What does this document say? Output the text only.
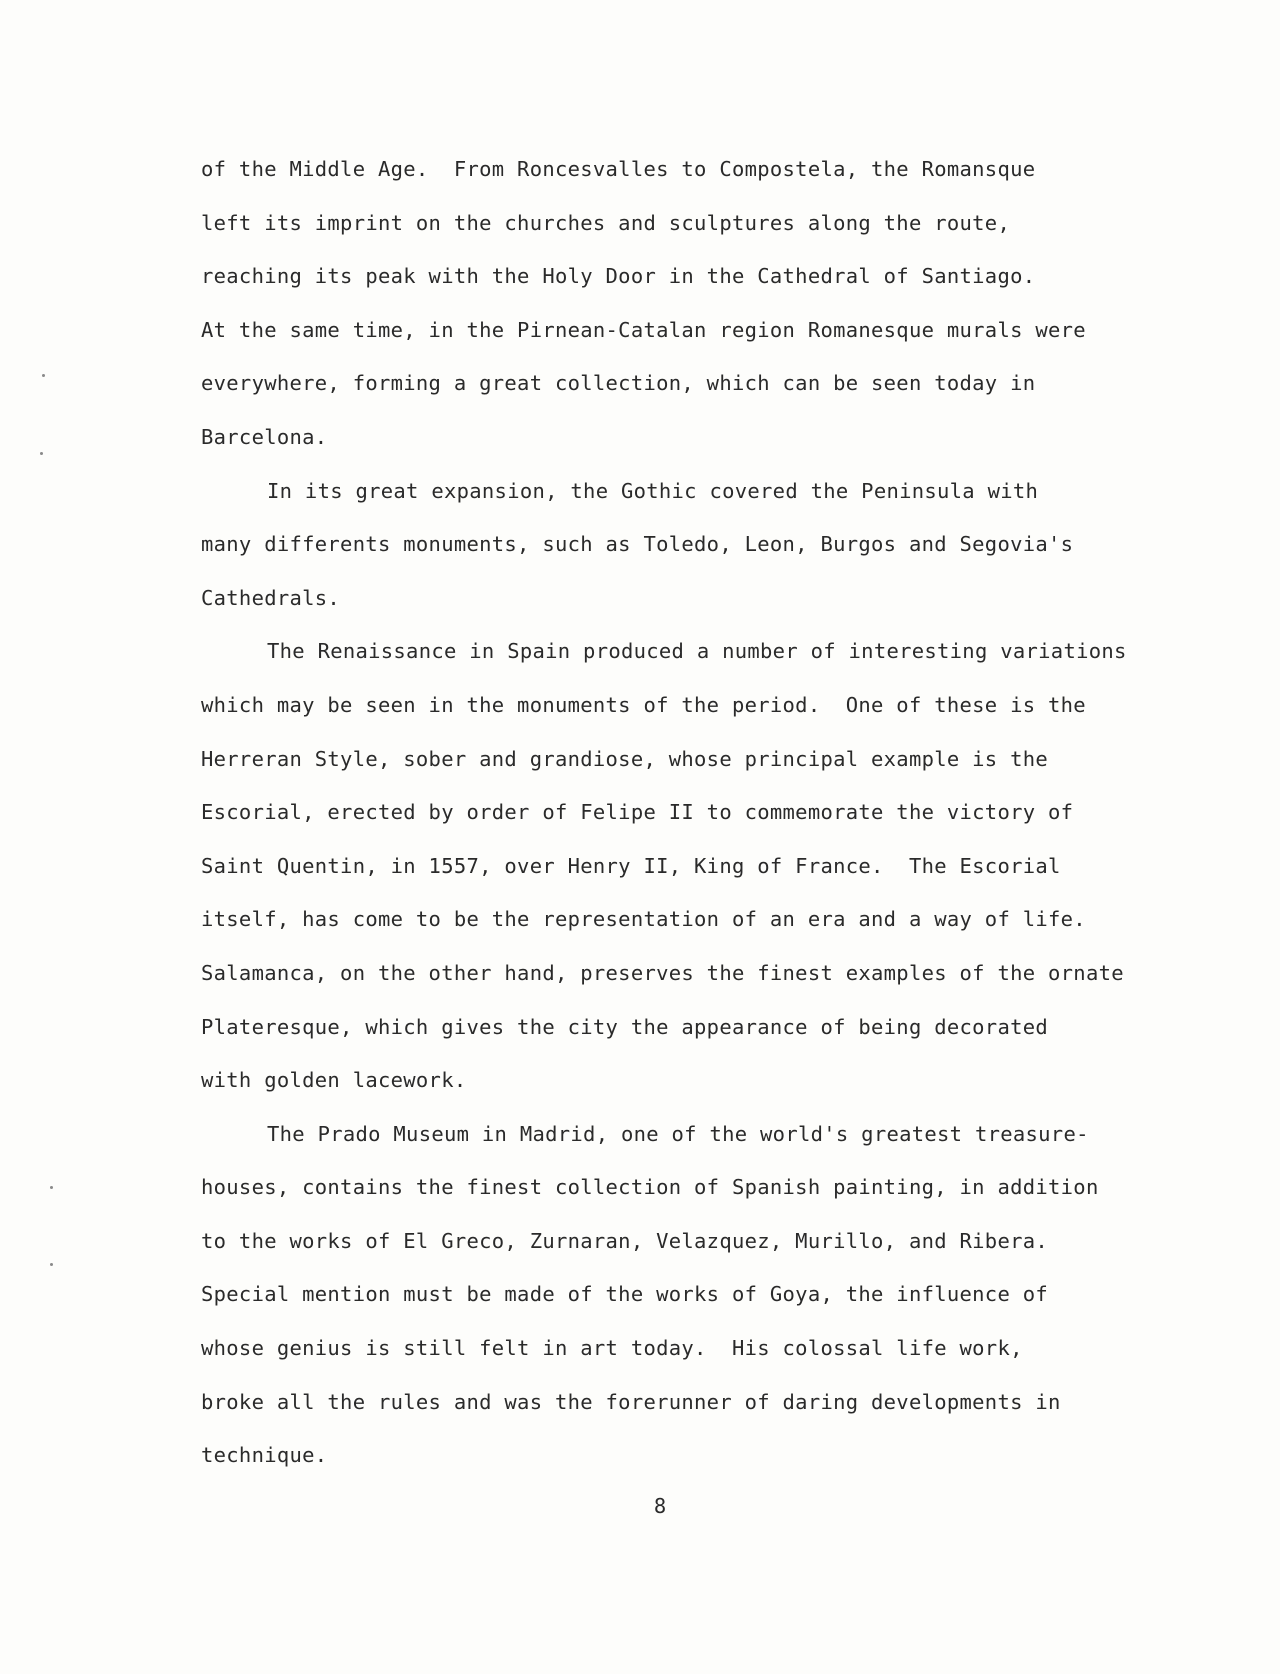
of the Middle Age.  From Roncesvalles to Compostela, the Romansque
left its imprint on the churches and sculptures along the route,
reaching its peak with the Holy Door in the Cathedral of Santiago.
At the same time, in the Pirnean-Catalan region Romanesque murals were
everywhere, forming a great collection, which can be seen today in
Barcelona.
In its great expansion, the Gothic covered the Peninsula with
many differents monuments, such as Toledo, Leon, Burgos and Segovia's
Cathedrals.
The Renaissance in Spain produced a number of interesting variations
which may be seen in the monuments of the period.  One of these is the
Herreran Style, sober and grandiose, whose principal example is the
Escorial, erected by order of Felipe II to commemorate the victory of
Saint Quentin, in 1557, over Henry II, King of France.  The Escorial
itself, has come to be the representation of an era and a way of life.
Salamanca, on the other hand, preserves the finest examples of the ornate
Plateresque, which gives the city the appearance of being decorated
with golden lacework.
The Prado Museum in Madrid, one of the world's greatest treasure-
houses, contains the finest collection of Spanish painting, in addition
to the works of El Greco, Zurnaran, Velazquez, Murillo, and Ribera.
Special mention must be made of the works of Goya, the influence of
whose genius is still felt in art today.  His colossal life work,
broke all the rules and was the forerunner of daring developments in
technique.
8
